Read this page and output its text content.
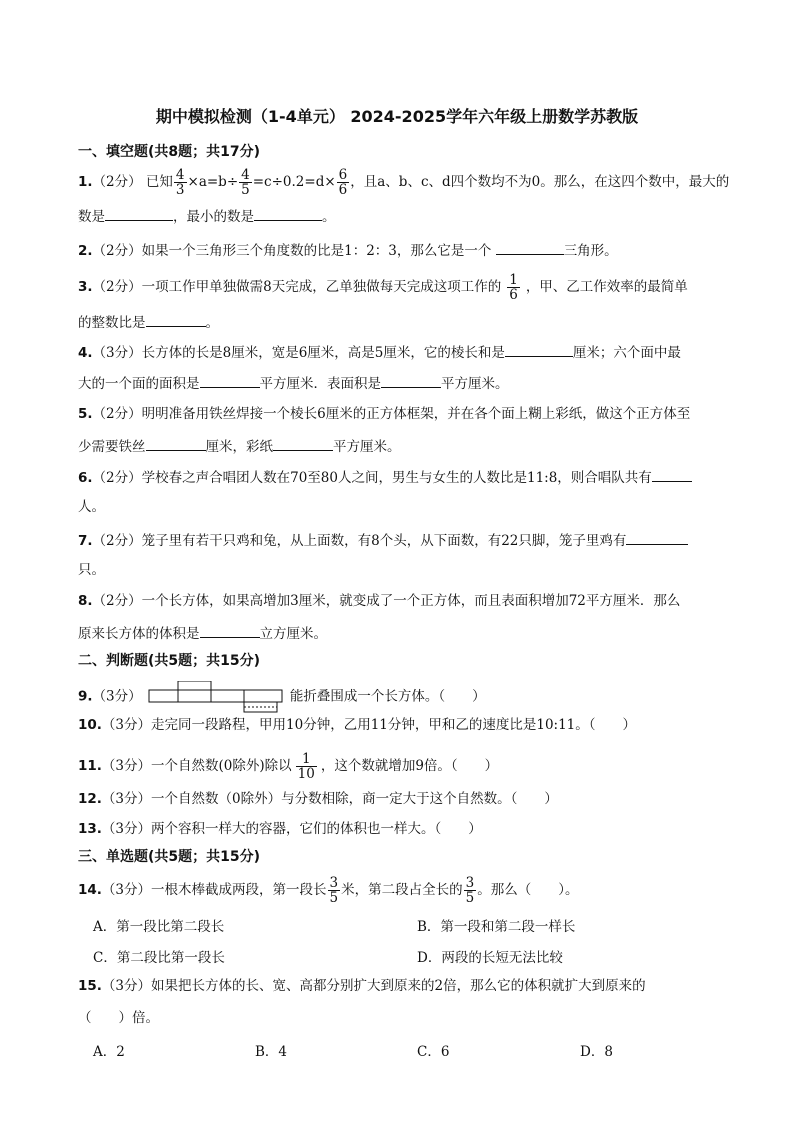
期中模拟检测（1-4单元） 2024-2025学年六年级上册数学苏教版
一、填空题(共8题；共17分)
1.（2分） 已知 $\frac{4}{3} \times a=b\div \frac{4}{5} =c\div 0.2=d\times \frac{6}{6}$ ，且a、b、c、d四个数均不为0。那么，在这四个数中，最大的
数是	，最小的数是	。
2.（2分）如果一个三角形三个角度数的比是1：2：3，那么它是一个	三角形。
3.（2分）一项工作甲单独做需8天完成，乙单独做每天完成这项工作的 $\frac{1}{6}$ ，甲、乙工作效率的最简单
的整数比是	。
4.（3分）长方体的长是8厘米，宽是6厘米，高是5厘米，它的棱长和是	厘米；六个面中最
大的一个面的面积是	平方厘米．表面积是	平方厘米。
5.（2分）明明准备用铁丝焊接一个棱长6厘米的正方体框架，并在各个面上糊上彩纸，做这个正方体至
少需要铁丝	厘米，彩纸	平方厘米。
6.（2分）学校春之声合唱团人数在70至80人之间，男生与女生的人数比是11:8，则合唱队共有
人。
7.（2分）笼子里有若干只鸡和兔，从上面数，有8个头，从下面数，有22只脚，笼子里鸡有
只。
8.（2分）一个长方体，如果高增加3厘米，就变成了一个正方体，而且表面积增加72平方厘米．那么
原来长方体的体积是	立方厘米。
二、判断题(共5题；共15分)
9.（3分）	能折叠围成一个长方体。（　　）
10.（3分）走完同一段路程，甲用10分钟，乙用11分钟，甲和乙的速度比是10:11。（　　）
11.（3分）一个自然数(0除外)除以 $\frac{1}{10}$ ，这个数就增加9倍。（　　）
12.（3分）一个自然数（0除外）与分数相除，商一定大于这个自然数。（　　）
13.（3分）两个容积一样大的容器，它们的体积也一样大。（　　）
三、单选题(共5题；共15分)
14.（3分）一根木棒截成两段，第一段长 $\frac{3}{5}$ 米，第二段占全长的 $\frac{3}{5}$ 。那么（　　）。
A．第一段比第二段长	B．第一段和第二段一样长
C．第二段比第一段长	D．两段的长短无法比较
15.（3分）如果把长方体的长、宽、高都分别扩大到原来的2倍，那么它的体积就扩大到原来的
（　　）倍。
A．2	B．4	C．6	D．8
